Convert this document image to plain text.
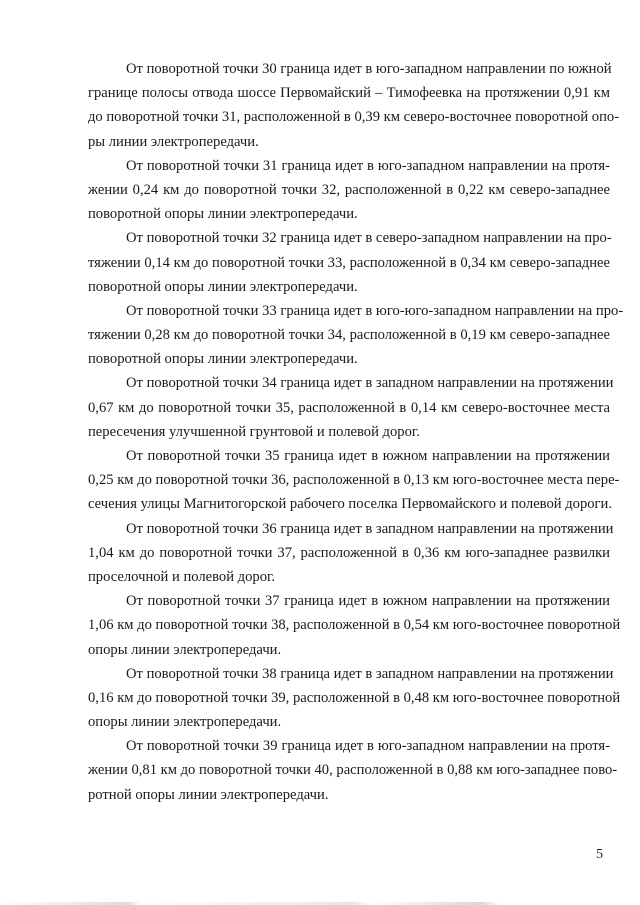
От поворотной точки 30 граница идет в юго-западном направлении по южной
границе полосы отвода шоссе Первомайский – Тимофеевка на протяжении 0,91 км
до поворотной точки 31, расположенной в 0,39 км северо-восточнее поворотной опо-
ры линии электропередачи.
От поворотной точки 31 граница идет в юго-западном направлении на протя-
жении 0,24 км до поворотной точки 32, расположенной в 0,22 км северо-западнее
поворотной опоры линии электропередачи.
От поворотной точки 32 граница идет в северо-западном направлении на про-
тяжении 0,14 км до поворотной точки 33, расположенной в 0,34 км северо-западнее
поворотной опоры линии электропередачи.
От поворотной точки 33 граница идет в юго-юго-западном направлении на про-
тяжении 0,28 км до поворотной точки 34, расположенной в 0,19 км северо-западнее
поворотной опоры линии электропередачи.
От поворотной точки 34 граница идет в западном направлении на протяжении
0,67 км до поворотной точки 35, расположенной в 0,14 км северо-восточнее места
пересечения улучшенной грунтовой и полевой дорог.
От поворотной точки 35 граница идет в южном направлении на протяжении
0,25 км до поворотной точки 36, расположенной в 0,13 км юго-восточнее места пере-
сечения улицы Магнитогорской рабочего поселка Первомайского и полевой дороги.
От поворотной точки 36 граница идет в западном направлении на протяжении
1,04 км до поворотной точки 37, расположенной в 0,36 км юго-западнее развилки
проселочной и полевой дорог.
От поворотной точки 37 граница идет в южном направлении на протяжении
1,06 км до поворотной точки 38, расположенной в 0,54 км юго-восточнее поворотной
опоры линии электропередачи.
От поворотной точки 38 граница идет в западном направлении на протяжении
0,16 км до поворотной точки 39, расположенной в 0,48 км юго-восточнее поворотной
опоры линии электропередачи.
От поворотной точки 39 граница идет в юго-западном направлении на протя-
жении 0,81 км до поворотной точки 40, расположенной в 0,88 км юго-западнее пово-
ротной опоры линии электропередачи.
5
